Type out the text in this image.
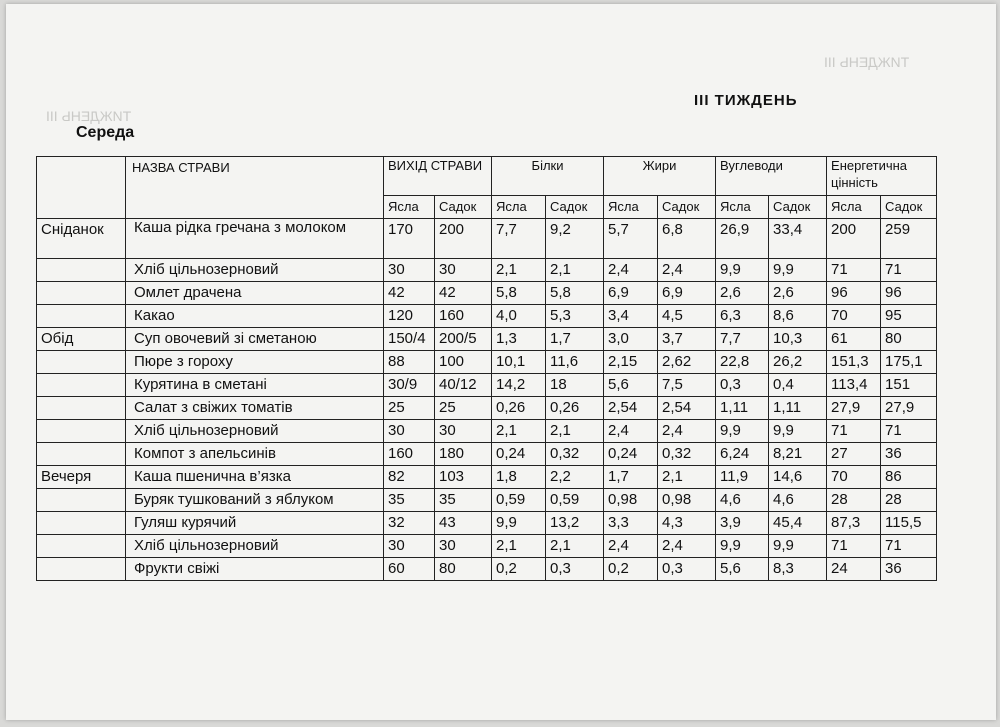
ТИЖДЕНЬ III
ТИЖДЕНЬ III
III ТИЖДЕНЬ
Середа
	НАЗВА СТРАВИ	ВИХІД СТРАВИ		Білки		Жири		Вуглеводи		Енергетична цінність	
		Ясла	Садок	Ясла	Садок	Ясла	Садок	Ясла	Садок	Ясла	Садок
Сніданок	Каша рідка гречана з молоком	170	200	7,7	9,2	5,7	6,8	26,9	33,4	200	259
	Хліб цільнозерновий	30	30	2,1	2,1	2,4	2,4	9,9	9,9	71	71
	Омлет драчена	42	42	5,8	5,8	6,9	6,9	2,6	2,6	96	96
	Какао	120	160	4,0	5,3	3,4	4,5	6,3	8,6	70	95
Обід	Суп овочевий зі сметаною	150/4	200/5	1,3	1,7	3,0	3,7	7,7	10,3	61	80
	Пюре з гороху	88	100	10,1	11,6	2,15	2,62	22,8	26,2	151,3	175,1
	Курятина в сметані	30/9	40/12	14,2	18	5,6	7,5	0,3	0,4	113,4	151
	Салат з свіжих томатів	25	25	0,26	0,26	2,54	2,54	1,11	1,11	27,9	27,9
	Хліб цільнозерновий	30	30	2,1	2,1	2,4	2,4	9,9	9,9	71	71
	Компот з апельсинів	160	180	0,24	0,32	0,24	0,32	6,24	8,21	27	36
Вечеря	Каша пшенична в’язка	82	103	1,8	2,2	1,7	2,1	11,9	14,6	70	86
	Буряк тушкований з яблуком	35	35	0,59	0,59	0,98	0,98	4,6	4,6	28	28
	Гуляш курячий	32	43	9,9	13,2	3,3	4,3	3,9	45,4	87,3	115,5
	Хліб цільнозерновий	30	30	2,1	2,1	2,4	2,4	9,9	9,9	71	71
	Фрукти свіжі	60	80	0,2	0,3	0,2	0,3	5,6	8,3	24	36
